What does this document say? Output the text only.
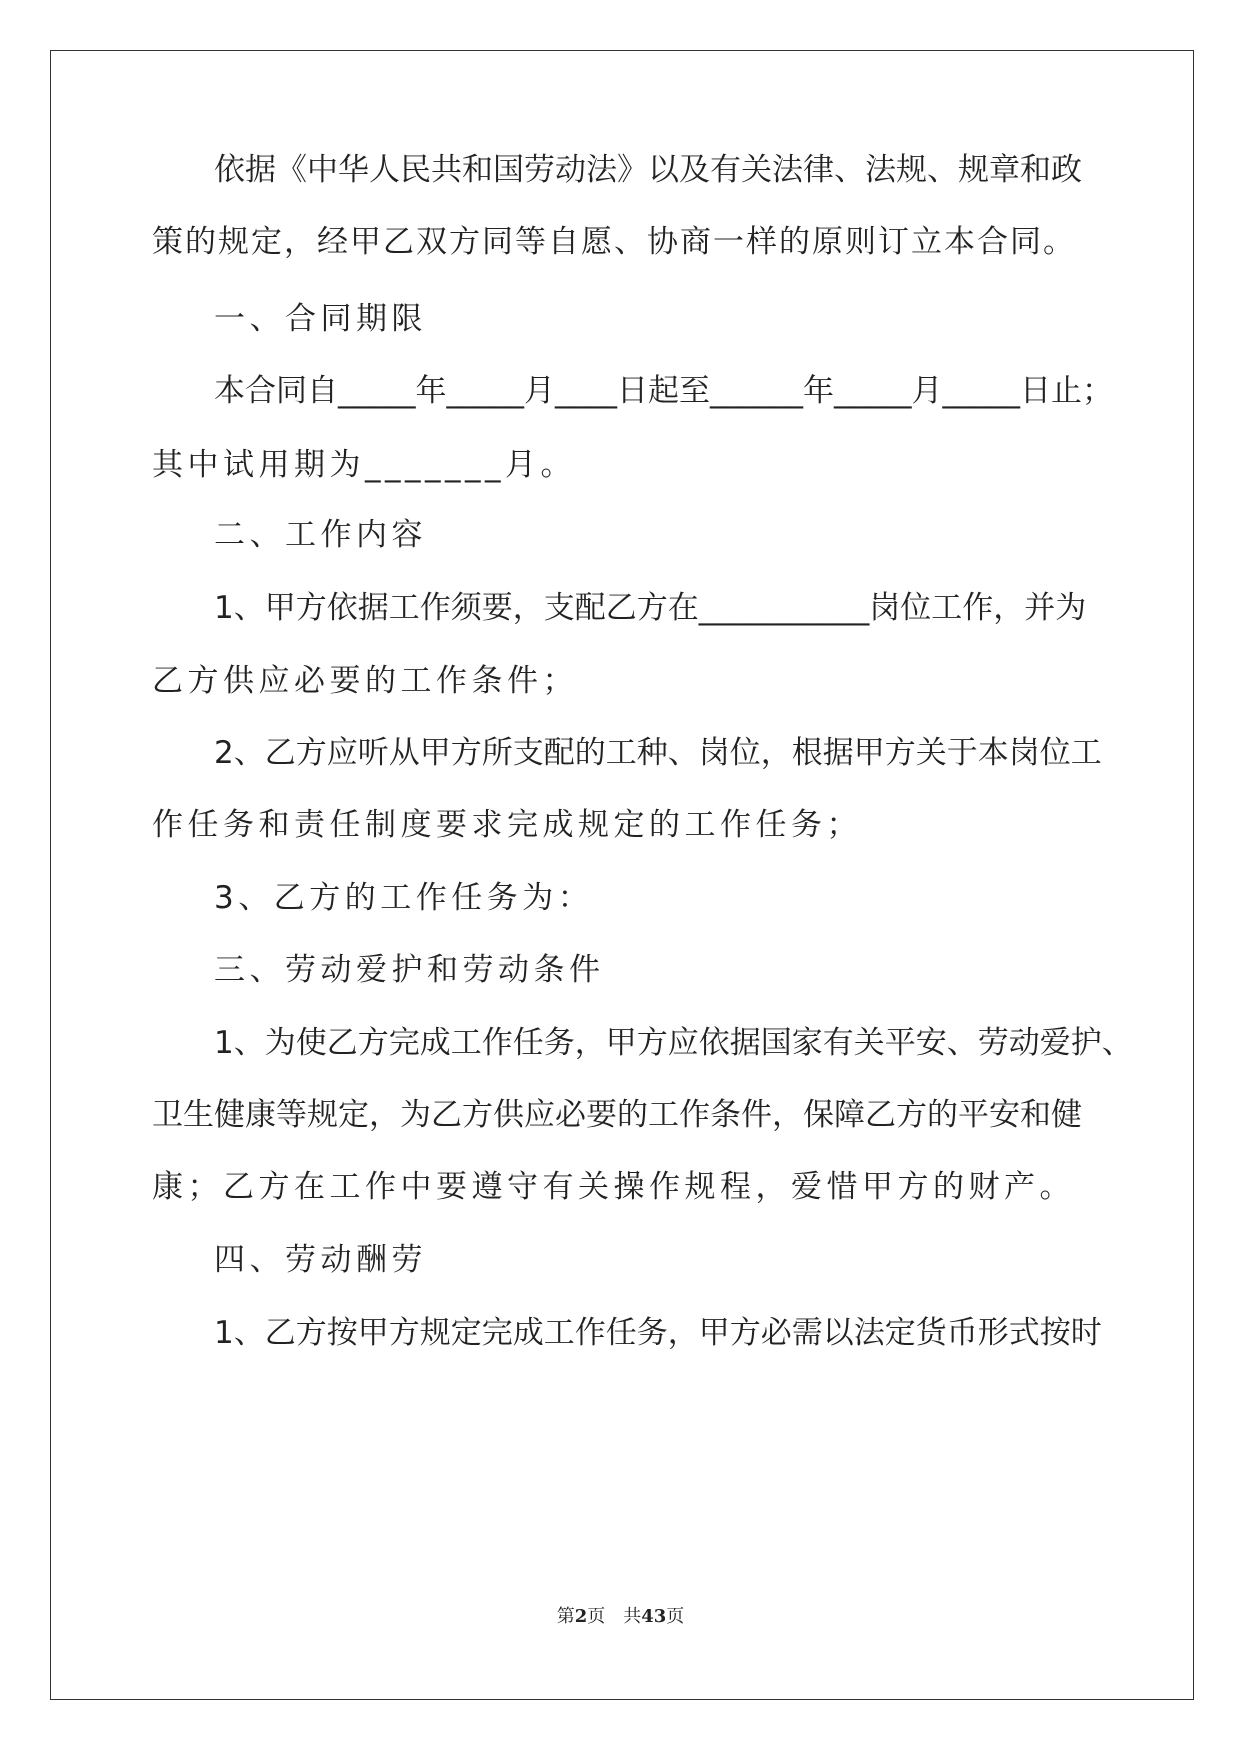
依据《中华人民共和国劳动法》以及有关法律、法规、规章和政
策的规定，经甲乙双方同等自愿、协商一样的原则订立本合同。
一、合同期限
本合同自_____年_____月____日起至______年_____月_____日止；
其中试用期为_______月。
二、工作内容
1、甲方依据工作须要，支配乙方在___________岗位工作，并为
乙方供应必要的工作条件；
2、乙方应听从甲方所支配的工种、岗位，根据甲方关于本岗位工
作任务和责任制度要求完成规定的工作任务；
3、乙方的工作任务为：
三、劳动爱护和劳动条件
1、为使乙方完成工作任务，甲方应依据国家有关平安、劳动爱护、
卫生健康等规定，为乙方供应必要的工作条件，保障乙方的平安和健
康；乙方在工作中要遵守有关操作规程，爱惜甲方的财产。
四、劳动酬劳
1、乙方按甲方规定完成工作任务，甲方必需以法定货币形式按时
第2页 共43页
